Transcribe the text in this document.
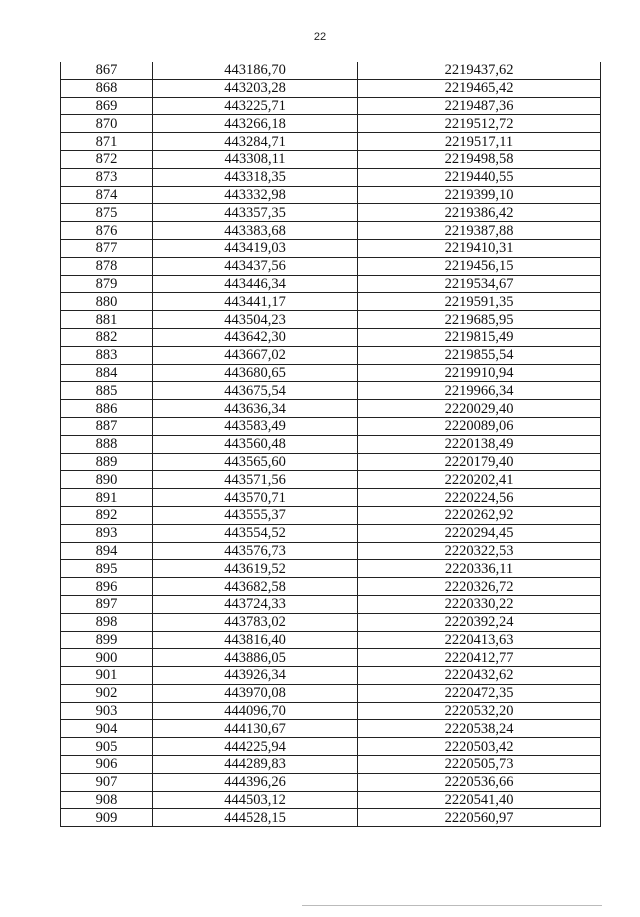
22
867	443186,70	2219437,62
868	443203,28	2219465,42
869	443225,71	2219487,36
870	443266,18	2219512,72
871	443284,71	2219517,11
872	443308,11	2219498,58
873	443318,35	2219440,55
874	443332,98	2219399,10
875	443357,35	2219386,42
876	443383,68	2219387,88
877	443419,03	2219410,31
878	443437,56	2219456,15
879	443446,34	2219534,67
880	443441,17	2219591,35
881	443504,23	2219685,95
882	443642,30	2219815,49
883	443667,02	2219855,54
884	443680,65	2219910,94
885	443675,54	2219966,34
886	443636,34	2220029,40
887	443583,49	2220089,06
888	443560,48	2220138,49
889	443565,60	2220179,40
890	443571,56	2220202,41
891	443570,71	2220224,56
892	443555,37	2220262,92
893	443554,52	2220294,45
894	443576,73	2220322,53
895	443619,52	2220336,11
896	443682,58	2220326,72
897	443724,33	2220330,22
898	443783,02	2220392,24
899	443816,40	2220413,63
900	443886,05	2220412,77
901	443926,34	2220432,62
902	443970,08	2220472,35
903	444096,70	2220532,20
904	444130,67	2220538,24
905	444225,94	2220503,42
906	444289,83	2220505,73
907	444396,26	2220536,66
908	444503,12	2220541,40
909	444528,15	2220560,97
